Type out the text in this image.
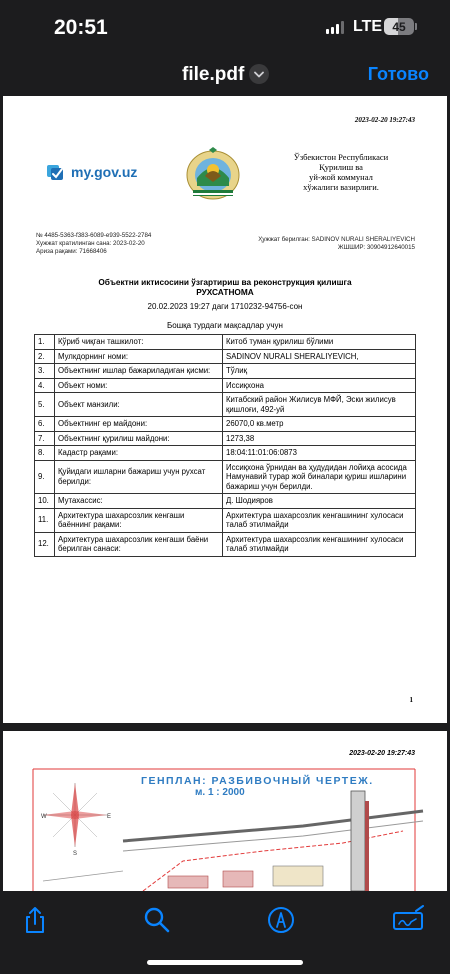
20:51	LTE 45
file.pdf	Готово
2023-02-20 19:27:43
my.gov.uz
Ўзбекистон Республикаси
Қурилиш ва
уй-жой коммунал
хўжалиги вазирлиги.
№ 4485-5363-f383-6089-e939-5522-2784
Хужжат кратилинган сана: 2023-02-20
Ариза рақами: 71668406
Ҳужжат берилган: SADINOV NURALI SHERALIYEVICH
ЖШШИР: 30904912640015
Объектни иктисосини ўзгартириш ва реконструкция қилишга
РУХСАТНОМА
20.02.2023 19:27 даги 1710232-94756-сон
Бошқа турдаги мақсадлар учун
1.	Кўриб чиқган ташкилот:	Китоб туман қурилиш бўлими
2.	Мулкдорнинг номи:	SADINOV NURALI SHERALIYEVICH,
3.	Объектнинг ишлар бажариладиган қисми:	Тўлиқ
4.	Объект номи:	Иссиқхона
5.	Объект манзили:	Китабский район Жилисув МФЙ, Эски жилисув қишлоғи, 492-уй
6.	Объектнинг ер майдони:	26070,0 кв.метр
7.	Объектнинг қурилиш майдони:	1273,38
8.	Кадастр рақами:	18:04:11:01:06:0873
9.	Қуйидаги ишларни бажариш учун рухсат берилди:	Иссиқхона ўрнидан ва ҳудудидан лойиҳа асосида Намунавий турар жой биналари қуриш ишларини бажариш учун берилди.
10.	Мутахассис:	Д. Шодияров
11.	Архитектура шахарсозлик кенгаши баённинг рақами:	Архитектура шахарсозлик кенгашининг хулосаси талаб этилмайди
12.	Архитектура шахарсозлик кенгаши баёни берилган санаси:	Архитектура шахарсозлик кенгашининг хулосаси талаб этилмайди
1
2023-02-20 19:27:43
W	E
S
ГЕНПЛАН: РАЗБИВОЧНЫЙ ЧЕРТЕЖ.
м. 1 : 2000
